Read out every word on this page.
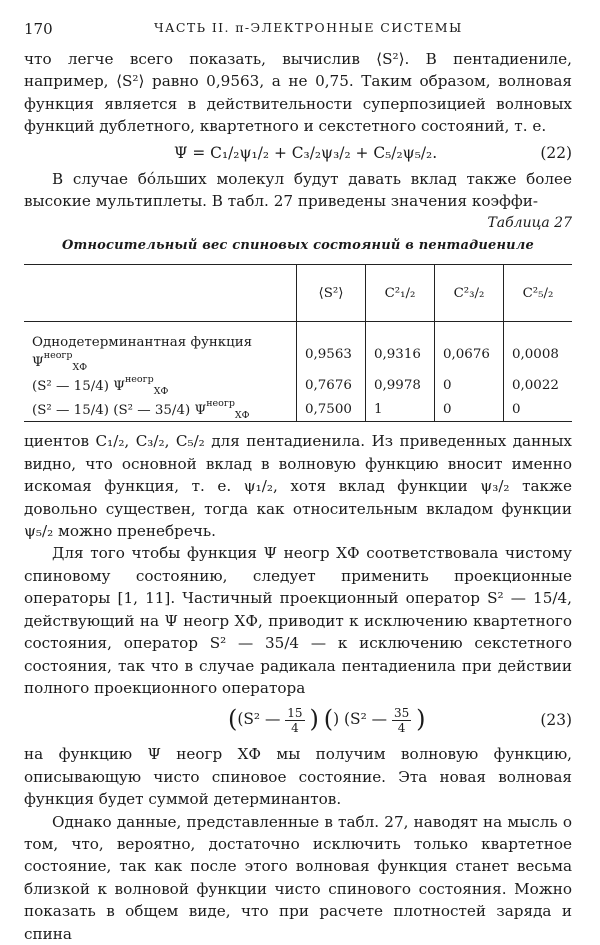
170	ЧАСТЬ II. π-ЭЛЕКТРОННЫЕ СИСТЕМЫ

что легче всего показать, вычислив ⟨S²⟩. В пентадиениле, например, ⟨S²⟩ равно 0,9563, а не 0,75. Таким образом, волновая функция является в действительности суперпозицией волновых функций дублетного, квартетного и секстетного состояний, т. е.

Ψ = C₁/₂ψ₁/₂ + C₃/₂ψ₃/₂ + C₅/₂ψ₅/₂.	(22)

В случае бо́льших молекул будут давать вклад также более высокие мультиплеты. В табл. 27 приведены значения коэффи-

Таблица 27
Относительный вес спиновых состояний в пентадиениле
	⟨S²⟩	C²₁/₂	C²₃/₂	C²₅/₂

Однодетерминантная функция $\Psi^{неогр}_{ХФ}$	0,9563	0,9316	0,0676	0,0008
(S² — 15/4) $\Psi^{неогр}_{ХФ}$	0,7676	0,9978	0	0,0022
(S² — 15/4) (S² — 35/4) $\Psi^{неогр}_{ХФ}$	0,7500	1	0	0

циентов C₁/₂, C₃/₂, C₅/₂ для пентадиенила. Из приведенных данных видно, что основной вклад в волновую функцию вносит именно искомая функция, т. е. ψ₁/₂, хотя вклад функции ψ₃/₂ также довольно существен, тогда как относительным вкладом функции ψ₅/₂ можно пренебречь.

Для того чтобы функция Ψ неогр ХФ соответствовала чистому спиновому состоянию, следует применить проекционные операторы [1, 11]. Частичный проекционный оператор S² — 15/4, действующий на Ψ неогр ХФ, приводит к исключению квартетного состояния, оператор S² — 35/4 — к исключению секстетного состояния, так что в случае радикала пентадиенила при действии полного проекционного оператора

((S² — $\frac{15}{4}$ ) () (S² — $\frac{35}{4}$ )	(23)

на функцию Ψ неогр ХФ мы получим волновую функцию, описывающую чисто спиновое состояние. Эта новая волновая функция будет суммой детерминантов.

Однако данные, представленные в табл. 27, наводят на мысль о том, что, вероятно, достаточно исключить только квартетное состояние, так как после этого волновая функция станет весьма близкой к волновой функции чисто спинового состояния. Можно показать в общем виде, что при расчете плотностей заряда и спина
